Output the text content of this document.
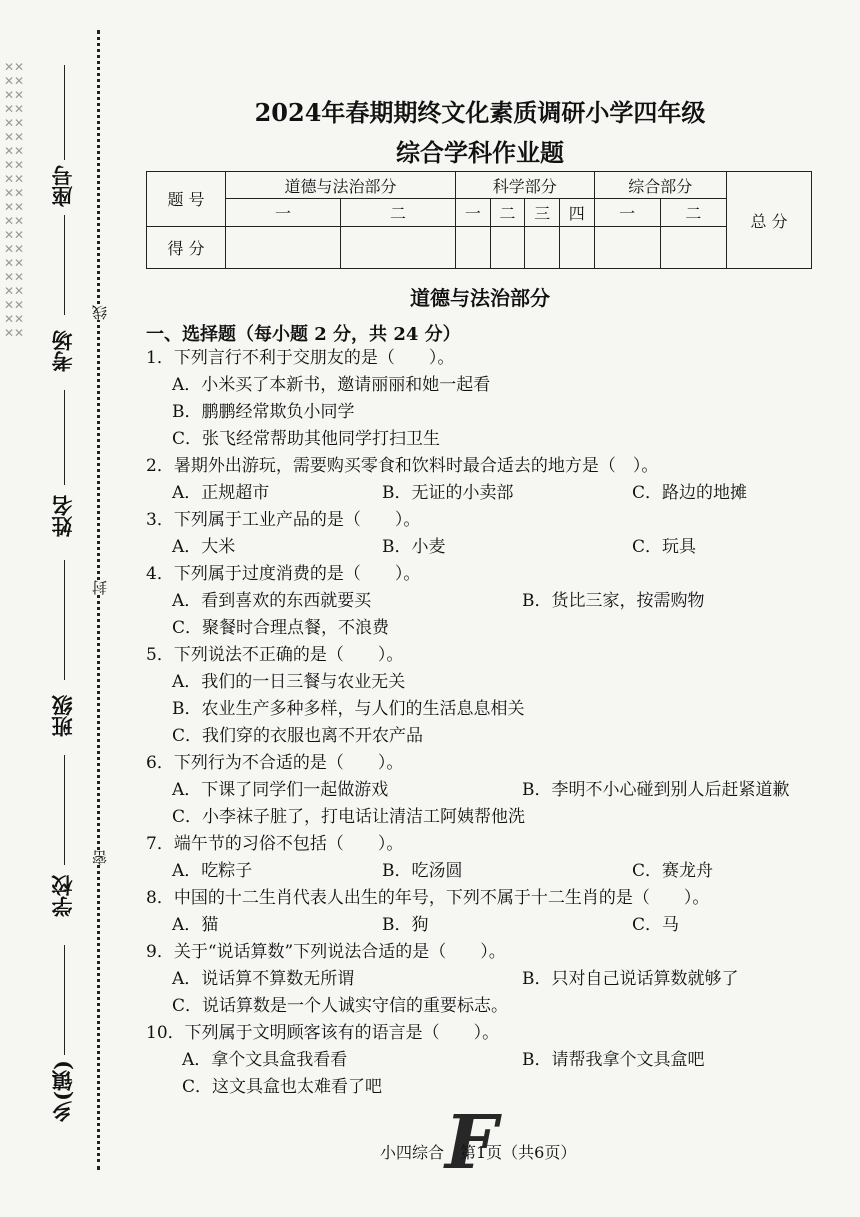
✕✕✕✕✕✕✕✕✕✕✕✕✕✕✕✕✕✕✕✕✕✕✕✕✕✕✕✕✕✕✕✕✕✕✕✕✕✕✕✕
线
封
密
座号
考场
姓名
班级
学校
乡(镇)
2024年春期期终文化素质调研小学四年级
综合学科作业题
题 号	道德与法治部分		科学部分				综合部分		总 分
	一	二	一	二	三	四	一	二	
得 分									
道德与法治部分
一、选择题（每小题 2 分，共 24 分）
1．下列言行不利于交朋友的是（　　）。
A．小米买了本新书，邀请丽丽和她一起看
B．鹏鹏经常欺负小同学
C．张飞经常帮助其他同学打扫卫生
2．暑期外出游玩，需要购买零食和饮料时最合适去的地方是（　）。
A．正规超市	B．无证的小卖部	C．路边的地摊
3．下列属于工业产品的是（　　）。
A．大米	B．小麦	C．玩具
4．下列属于过度消费的是（　　）。
A．看到喜欢的东西就要买	B．货比三家，按需购物
C．聚餐时合理点餐，不浪费
5．下列说法不正确的是（　　）。
A．我们的一日三餐与农业无关
B．农业生产多种多样，与人们的生活息息相关
C．我们穿的衣服也离不开农产品
6．下列行为不合适的是（　　）。
A．下课了同学们一起做游戏	B．李明不小心碰到别人后赶紧道歉
C．小李袜子脏了，打电话让清洁工阿姨帮他洗
7．端午节的习俗不包括（　　）。
A．吃粽子	B．吃汤圆	C．赛龙舟
8．中国的十二生肖代表人出生的年号，下列不属于十二生肖的是（　　）。
A．猫	B．狗	C．马
9．关于“说话算数”下列说法合适的是（　　）。
A．说话算不算数无所谓	B．只对自己说话算数就够了
C．说话算数是一个人诚实守信的重要标志。
10．下列属于文明顾客该有的语言是（　　）。
A．拿个文具盒我看看	B．请帮我拿个文具盒吧
C．这文具盒也太难看了吧
F
小四综合　第1页（共6页）
